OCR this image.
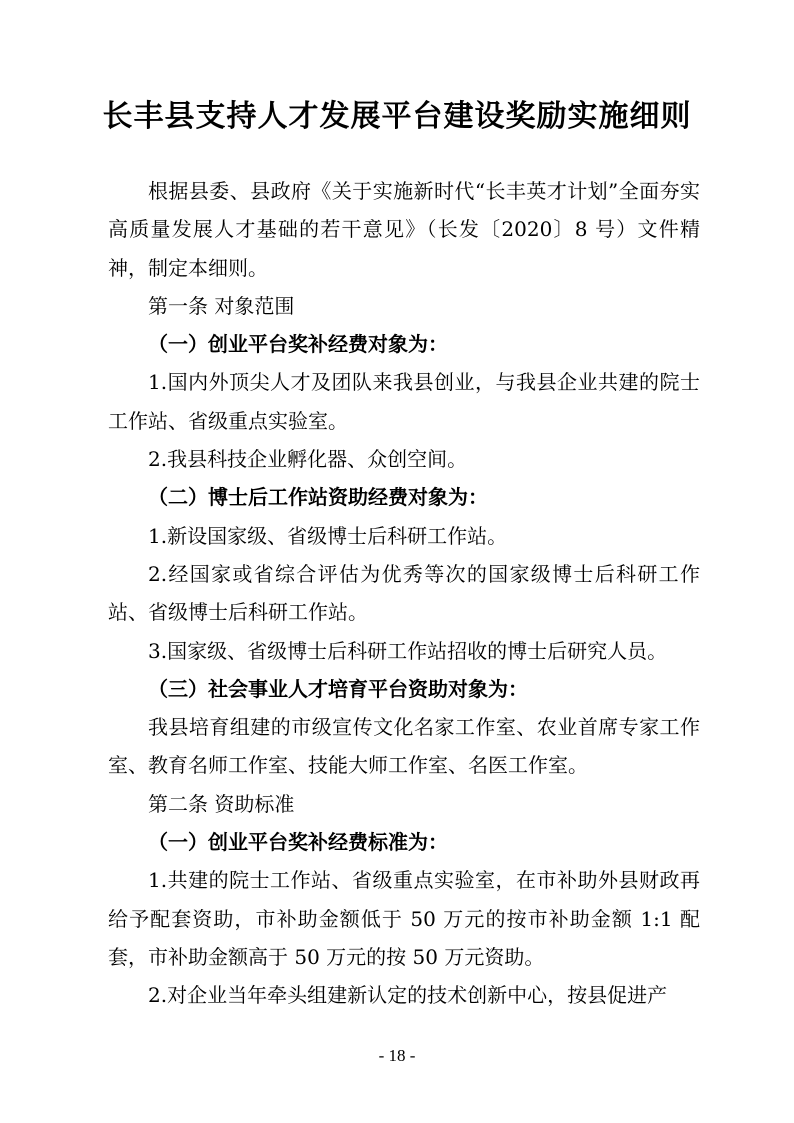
长丰县支持人才发展平台建设奖励实施细则

根据县委、县政府《关于实施新时代“长丰英才计划”全面夯实高质量发展人才基础的若干意见》（长发〔2020〕8 号）文件精神，制定本细则。

第一条 对象范围

（一）创业平台奖补经费对象为：

1.国内外顶尖人才及团队来我县创业，与我县企业共建的院士工作站、省级重点实验室。

2.我县科技企业孵化器、众创空间。

（二）博士后工作站资助经费对象为：

1.新设国家级、省级博士后科研工作站。

2.经国家或省综合评估为优秀等次的国家级博士后科研工作站、省级博士后科研工作站。

3.国家级、省级博士后科研工作站招收的博士后研究人员。

（三）社会事业人才培育平台资助对象为：

我县培育组建的市级宣传文化名家工作室、农业首席专家工作室、教育名师工作室、技能大师工作室、名医工作室。

第二条 资助标准

（一）创业平台奖补经费标准为：

1.共建的院士工作站、省级重点实验室，在市补助外县财政再给予配套资助，市补助金额低于 50 万元的按市补助金额 1:1 配套，市补助金额高于 50 万元的按 50 万元资助。

2.对企业当年牵头组建新认定的技术创新中心，按县促进产

- 18 -
